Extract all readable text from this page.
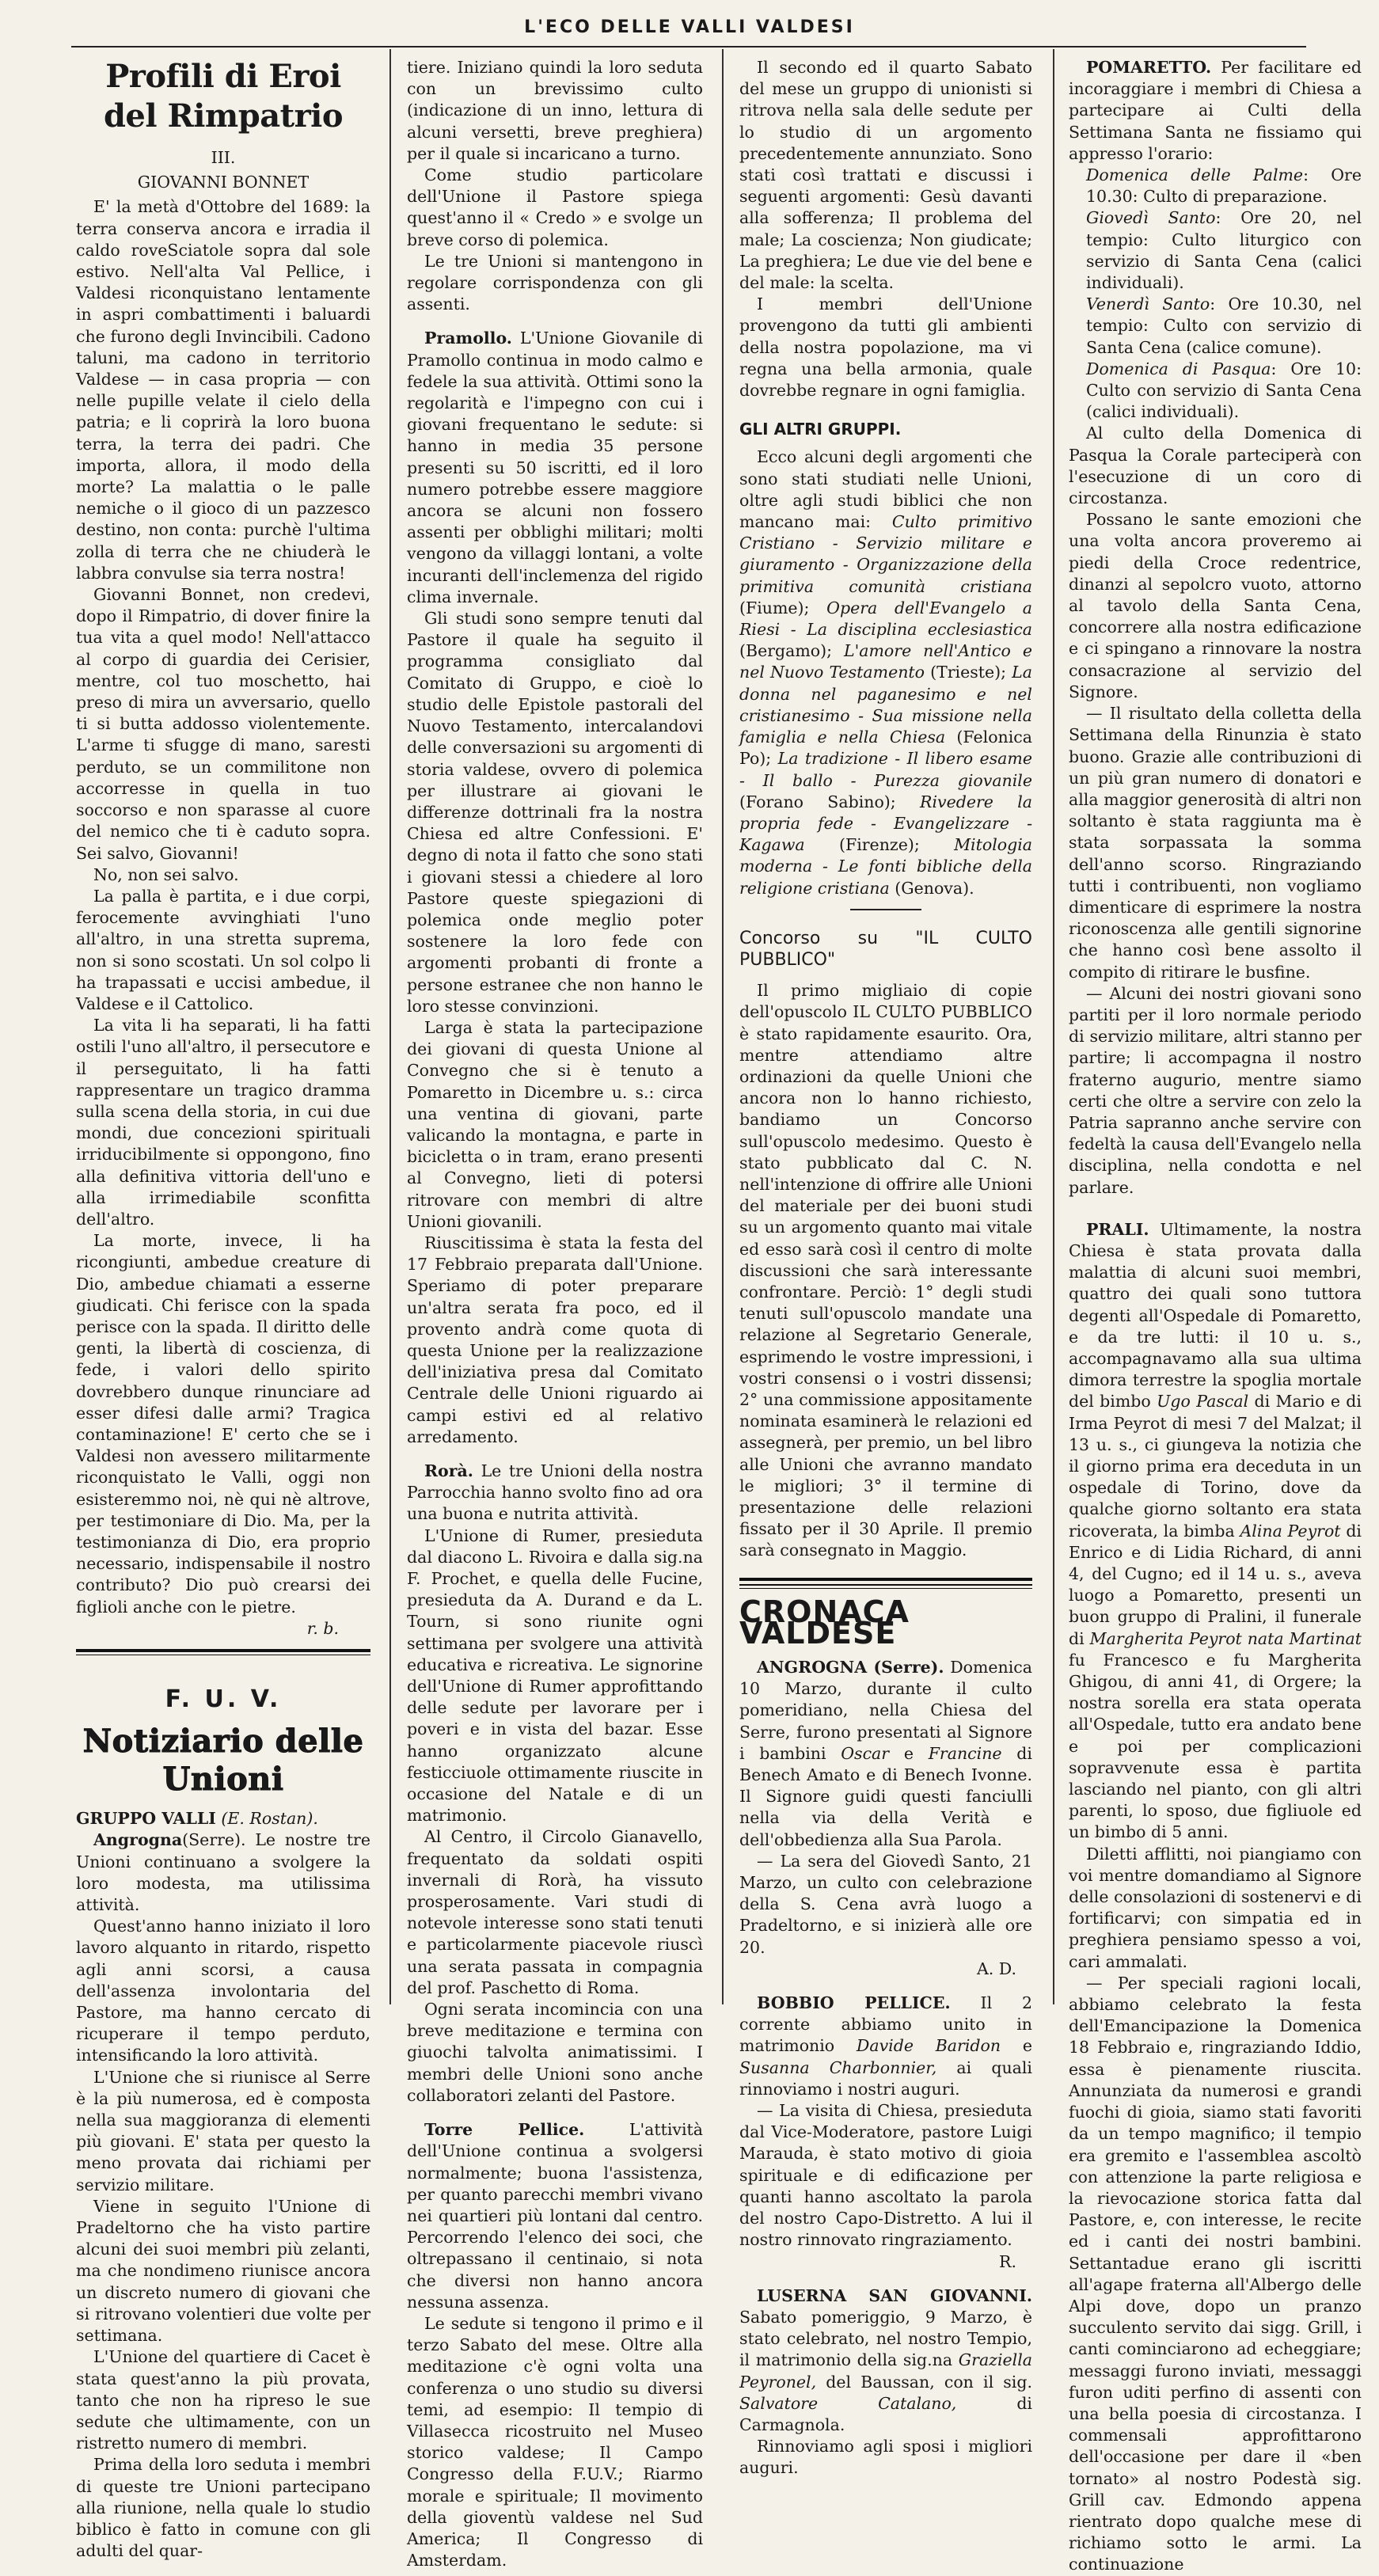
L'ECO DELLE VALLI VALDESI
Profili di Eroi del Rimpatrio
III.
GIOVANNI BONNET

E' la metà d'Ottobre del 1689: la terra conserva ancora e irradia il caldo roveSciatole sopra dal sole estivo. Nell'alta Val Pellice, i Valdesi riconquistano lentamente in aspri combattimenti i baluardi che furono degli Invincibili. Cadono taluni, ma cadono in territorio Valdese — in casa propria — con nelle pupille velate il cielo della patria; e li coprirà la loro buona terra, la terra dei padri. Che importa, allora, il modo della morte? La malattia o le palle nemiche o il gioco di un pazzesco destino, non conta: purchè l'ultima zolla di terra che ne chiuderà le labbra convulse sia terra nostra!

Giovanni Bonnet, non credevi, dopo il Rimpatrio, di dover finire la tua vita a quel modo! Nell'attacco al corpo di guardia dei Cerisier, mentre, col tuo moschetto, hai preso di mira un avversario, quello ti si butta addosso violentemente. L'arme ti sfugge di mano, saresti perduto, se un commilitone non accorresse in quella in tuo soccorso e non sparasse al cuore del nemico che ti è caduto sopra. Sei salvo, Giovanni!

No, non sei salvo.

La palla è partita, e i due corpi, ferocemente avvinghiati l'uno all'altro, in una stretta suprema, non si sono scostati. Un sol colpo li ha trapassati e uccisi ambedue, il Valdese e il Cattolico.

La vita li ha separati, li ha fatti ostili l'uno all'altro, il persecutore e il perseguitato, li ha fatti rappresentare un tragico dramma sulla scena della storia, in cui due mondi, due concezioni spirituali irriducibilmente si oppongono, fino alla definitiva vittoria dell'uno e alla irrimediabile sconfitta dell'altro.

La morte, invece, li ha ricongiunti, ambedue creature di Dio, ambedue chiamati a esserne giudicati. Chi ferisce con la spada perisce con la spada. Il diritto delle genti, la libertà di coscienza, di fede, i valori dello spirito dovrebbero dunque rinunciare ad esser difesi dalle armi? Tragica contaminazione! E' certo che se i Valdesi non avessero militarmente riconquistato le Valli, oggi non esisteremmo noi, nè qui nè altrove, per testimoniare di Dio. Ma, per la testimonianza di Dio, era proprio necessario, indispensabile il nostro contributo? Dio può crearsi dei figlioli anche con le pietre.

r. b.
F. U. V.
Notiziario delle Unioni

GRUPPO VALLI (E. Rostan).

Angrogna(Serre). Le nostre tre Unioni continuano a svolgere la loro modesta, ma utilissima attività.

Quest'anno hanno iniziato il loro lavoro alquanto in ritardo, rispetto agli anni scorsi, a causa dell'assenza involontaria del Pastore, ma hanno cercato di ricuperare il tempo perduto, intensificando la loro attività.

L'Unione che si riunisce al Serre è la più numerosa, ed è composta nella sua maggioranza di elementi più giovani. E' stata per questo la meno provata dai richiami per servizio militare.

Viene in seguito l'Unione di Pradeltorno che ha visto partire alcuni dei suoi membri più zelanti, ma che nondimeno riunisce ancora un discreto numero di giovani che si ritrovano volentieri due volte per settimana.

L'Unione del quartiere di Cacet è stata quest'anno la più provata, tanto che non ha ripreso le sue sedute che ultimamente, con un ristretto numero di membri.

Prima della loro seduta i membri di queste tre Unioni partecipano alla riunione, nella quale lo studio biblico è fatto in comune con gli adulti del quar-

tiere. Iniziano quindi la loro seduta con un brevissimo culto (indicazione di un inno, lettura di alcuni versetti, breve preghiera) per il quale si incaricano a turno.

Come studio particolare dell'Unione il Pastore spiega quest'anno il « Credo » e svolge un breve corso di polemica.

Le tre Unioni si mantengono in regolare corrispondenza con gli assenti.

Pramollo. L'Unione Giovanile di Pramollo continua in modo calmo e fedele la sua attività. Ottimi sono la regolarità e l'impegno con cui i giovani frequentano le sedute: si hanno in media 35 persone presenti su 50 iscritti, ed il loro numero potrebbe essere maggiore ancora se alcuni non fossero assenti per obblighi militari; molti vengono da villaggi lontani, a volte incuranti dell'inclemenza del rigido clima invernale.

Gli studi sono sempre tenuti dal Pastore il quale ha seguito il programma consigliato dal Comitato di Gruppo, e cioè lo studio delle Epistole pastorali del Nuovo Testamento, intercalandovi delle conversazioni su argomenti di storia valdese, ovvero di polemica per illustrare ai giovani le differenze dottrinali fra la nostra Chiesa ed altre Confessioni. E' degno di nota il fatto che sono stati i giovani stessi a chiedere al loro Pastore queste spiegazioni di polemica onde meglio poter sostenere la loro fede con argomenti probanti di fronte a persone estranee che non hanno le loro stesse convinzioni.

Larga è stata la partecipazione dei giovani di questa Unione al Convegno che si è tenuto a Pomaretto in Dicembre u. s.: circa una ventina di giovani, parte valicando la montagna, e parte in bicicletta o in tram, erano presenti al Convegno, lieti di potersi ritrovare con membri di altre Unioni giovanili.

Riuscitissima è stata la festa del 17 Febbraio preparata dall'Unione. Speriamo di poter preparare un'altra serata fra poco, ed il provento andrà come quota di questa Unione per la realizzazione dell'iniziativa presa dal Comitato Centrale delle Unioni riguardo ai campi estivi ed al relativo arredamento.

Rorà. Le tre Unioni della nostra Parrocchia hanno svolto fino ad ora una buona e nutrita attività.

L'Unione di Rumer, presieduta dal diacono L. Rivoira e dalla sig.na F. Prochet, e quella delle Fucine, presieduta da A. Durand e da L. Tourn, si sono riunite ogni settimana per svolgere una attività educativa e ricreativa. Le signorine dell'Unione di Rumer approfittando delle sedute per lavorare per i poveri e in vista del bazar. Esse hanno organizzato alcune festicciuole ottimamente riuscite in occasione del Natale e di un matrimonio.

Al Centro, il Circolo Gianavello, frequentato da soldati ospiti invernali di Rorà, ha vissuto prosperosamente. Vari studi di notevole interesse sono stati tenuti e particolarmente piacevole riuscì una serata passata in compagnia del prof. Paschetto di Roma.

Ogni serata incomincia con una breve meditazione e termina con giuochi talvolta animatissimi. I membri delle Unioni sono anche collaboratori zelanti del Pastore.

Torre Pellice.	L'attività dell'Unione continua a svolgersi normalmente; buona l'assistenza, per quanto parecchi membri vivano nei quartieri più lontani dal centro. Percorrendo l'elenco dei soci, che oltrepassano il centinaio, si nota che diversi non hanno ancora nessuna assenza.

Le sedute si tengono il primo e il terzo Sabato del mese. Oltre alla meditazione c'è ogni volta una conferenza o uno studio su diversi temi, ad esempio: Il tempio di Villasecca ricostruito nel Museo storico valdese; Il Campo Congresso della F.U.V.; Riarmo morale e spirituale; Il movimento della gioventù valdese nel Sud America; Il Congresso di Amsterdam.

Il secondo ed il quarto Sabato del mese un gruppo di unionisti si ritrova nella sala delle sedute per lo studio di un argomento precedentemente annunziato. Sono stati così trattati e discussi i seguenti argomenti: Gesù davanti alla sofferenza; Il problema del male; La coscienza; Non giudicate; La preghiera; Le due vie del bene e del male: la scelta.

I membri dell'Unione provengono da tutti gli ambienti della nostra popolazione, ma vi regna una bella armonia, quale dovrebbe regnare in ogni famiglia.

GLI ALTRI GRUPPI.

Ecco alcuni degli argomenti che sono stati studiati nelle Unioni, oltre agli studi biblici che non mancano mai: Culto primitivo Cristiano - Servizio militare e giuramento - Organizzazione della primitiva comunità cristiana (Fiume); Opera dell'Evangelo a Riesi - La disciplina ecclesiastica (Bergamo); L'amore nell'Antico e nel Nuovo Testamento (Trieste); La donna nel paganesimo e nel cristianesimo - Sua missione nella famiglia e nella Chiesa (Felonica Po); La tradizione - Il libero esame - Il ballo - Purezza giovanile (Forano Sabino); Rivedere la propria fede - Evangelizzare - Kagawa (Firenze); Mitologia moderna - Le fonti bibliche della religione cristiana (Genova).

Concorso su "IL CULTO PUBBLICO"

Il primo migliaio di copie dell'opuscolo IL CULTO PUBBLICO è stato rapidamente esaurito. Ora, mentre attendiamo altre ordinazioni da quelle Unioni che ancora non lo hanno richiesto, bandiamo un Concorso sull'opuscolo medesimo. Questo è stato pubblicato dal C. N. nell'intenzione di offrire alle Unioni del materiale per dei buoni studi su un argomento quanto mai vitale ed esso sarà così il centro di molte discussioni che sarà interessante confrontare. Perciò: 1° degli studi tenuti sull'opuscolo mandate una relazione al Segretario Generale, esprimendo le vostre impressioni, i vostri consensi o i vostri dissensi; 2° una commissione appositamente nominata esaminerà le relazioni ed assegnerà, per premio, un bel libro alle Unioni che avranno mandato le migliori; 3° il termine di presentazione delle relazioni fissato per il 30 Aprile. Il premio sarà consegnato in Maggio.

CRONACA VALDESE

ANGROGNA (Serre). Domenica 10 Marzo, durante il culto pomeridiano, nella Chiesa del Serre, furono presentati al Signore i bambini Oscar e Francine di Benech Amato e di Benech Ivonne. Il Signore guidi questi fanciulli nella via della Verità e dell'obbedienza alla Sua Parola.

— La sera del Giovedì Santo, 21 Marzo, un culto con celebrazione della S. Cena avrà luogo a Pradeltorno, e si inizierà alle ore 20.

A. D.

BOBBIO PELLICE. Il 2 corrente abbiamo unito in matrimonio Davide Baridon e Susanna Charbonnier, ai quali rinnoviamo i nostri auguri.

— La visita di Chiesa, presieduta dal Vice-Moderatore, pastore Luigi Marauda, è stato motivo di gioia spirituale e di edificazione per quanti hanno ascoltato la parola del nostro Capo-Distretto. A lui il nostro rinnovato ringraziamento.

R.

LUSERNA SAN GIOVANNI. Sabato pomeriggio, 9 Marzo, è stato celebrato, nel nostro Tempio, il matrimonio della sig.na Graziella Peyronel, del Baussan, con il sig. Salvatore Catalano,	di Carmagnola.

Rinnoviamo agli sposi i migliori auguri.

POMARETTO. Per facilitare ed incoraggiare i membri di Chiesa a partecipare ai Culti della Settimana Santa ne fissiamo qui appresso l'orario:

Domenica delle Palme: Ore 10.30: Culto di preparazione.

Giovedì Santo: Ore 20, nel tempio: Culto liturgico con servizio di Santa Cena (calici individuali).

Venerdì Santo: Ore 10.30, nel tempio: Culto con servizio di Santa Cena (calice comune).

Domenica di Pasqua: Ore 10: Culto con servizio di Santa Cena (calici individuali).

Al culto della Domenica di Pasqua la Corale parteciperà con l'esecuzione di un coro di circostanza.

Possano le sante emozioni che una volta ancora proveremo ai piedi della Croce redentrice, dinanzi al sepolcro vuoto, attorno al tavolo della Santa Cena, concorrere alla nostra edificazione e ci spingano a rinnovare la nostra consacrazione al servizio del Signore.

— Il risultato della colletta della Settimana della Rinunzia è stato buono. Grazie alle contribuzioni di un più gran numero di donatori e alla maggior generosità di altri non soltanto è stata raggiunta ma è stata sorpassata la somma dell'anno scorso. Ringraziando tutti i contribuenti, non vogliamo dimenticare di esprimere la nostra riconoscenza alle gentili signorine che hanno così bene assolto il compito di ritirare le busfine.

— Alcuni dei nostri giovani sono partiti per il loro normale periodo di servizio militare, altri stanno per partire; li accompagna il nostro fraterno augurio, mentre siamo certi che oltre a servire con zelo la Patria sapranno anche servire con fedeltà la causa dell'Evangelo nella disciplina, nella condotta e nel parlare.

PRALI. Ultimamente, la nostra Chiesa è stata provata dalla malattia di alcuni suoi membri, quattro dei quali sono tuttora degenti all'Ospedale di Pomaretto, e da tre lutti: il 10 u. s., accompagnavamo alla sua ultima dimora terrestre la spoglia mortale del bimbo Ugo Pascal di Mario e di Irma Peyrot di mesi 7 del Malzat; il 13 u. s., ci giungeva la notizia che il giorno prima era deceduta in un ospedale di Torino, dove da qualche giorno soltanto era stata ricoverata, la bimba Alina Peyrot di Enrico e di Lidia Richard, di anni 4, del Cugno; ed il 14 u. s., aveva luogo a Pomaretto, presenti un buon gruppo di Pralini, il funerale di Margherita Peyrot nata Martinat fu Francesco e fu Margherita Ghigou, di anni 41, di Orgere; la nostra sorella era stata operata all'Ospedale, tutto era andato bene e poi per complicazioni sopravvenute essa è partita lasciando nel pianto, con gli altri parenti, lo sposo, due figliuole ed un bimbo di 5 anni.

Diletti afflitti, noi piangiamo con voi mentre domandiamo al Signore delle consolazioni di sostenervi e di fortificarvi; con simpatia ed in preghiera pensiamo spesso a voi, cari ammalati.

— Per speciali ragioni locali, abbiamo celebrato la festa dell'Emancipazione la Domenica 18 Febbraio e, ringraziando Iddio, essa è pienamente riuscita. Annunziata da numerosi e grandi fuochi di gioia, siamo stati favoriti da un tempo magnifico; il tempio era gremito e l'assemblea ascoltò con attenzione la parte religiosa e la rievocazione storica fatta dal Pastore, e, con interesse, le recite ed i canti dei nostri bambini. Settantadue erano gli iscritti all'agape fraterna all'Albergo delle Alpi dove, dopo un pranzo succulento servito dai sigg. Grill, i canti cominciarono ad echeggiare; messaggi furono inviati, messaggi furon uditi perfino di assenti con una bella poesia di circostanza. I commensali approfittarono dell'occasione per dare il «ben tornato» al nostro Podestà sig. Grill cav. Edmondo appena rientrato dopo qualche mese di richiamo sotto le armi. La continuazione
